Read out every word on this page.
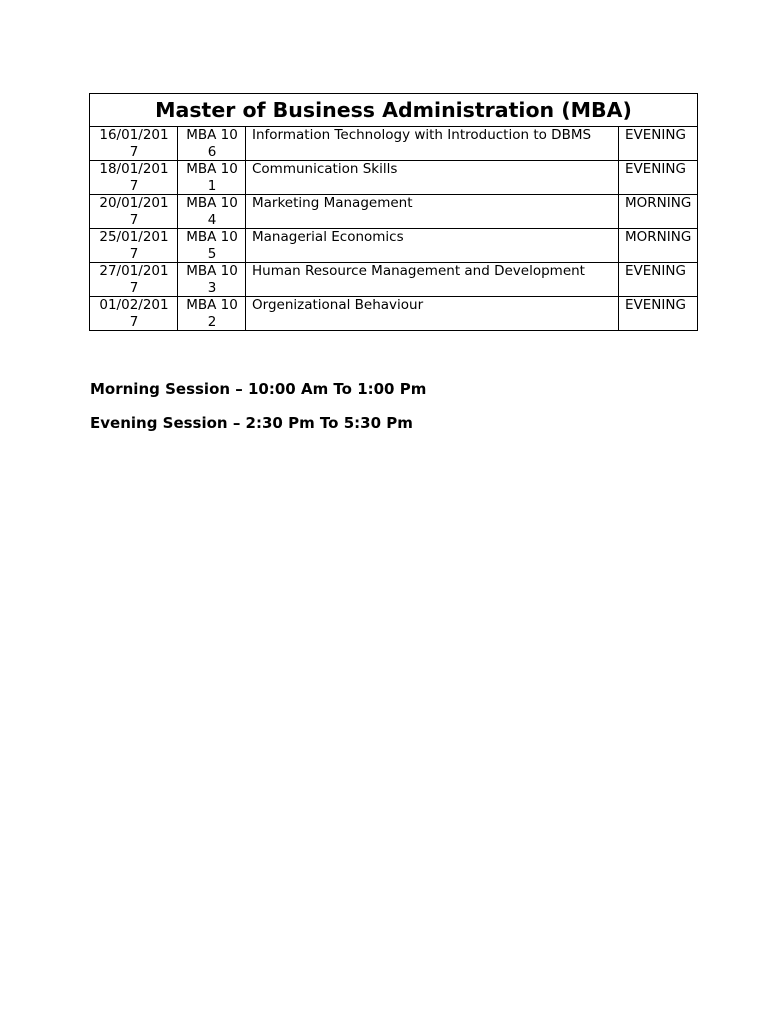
Master of Business Administration (MBA)			
16/01/2017	MBA 106	Information Technology with Introduction to DBMS	EVENING
18/01/2017	MBA 101	Communication Skills	EVENING
20/01/2017	MBA 104	Marketing Management	MORNING
25/01/2017	MBA 105	Managerial Economics	MORNING
27/01/2017	MBA 103	Human Resource Management and Development	EVENING
01/02/2017	MBA 102	Orgenizational Behaviour	EVENING
Morning Session – 10:00 Am To 1:00 Pm
Evening Session – 2:30 Pm To 5:30 Pm
